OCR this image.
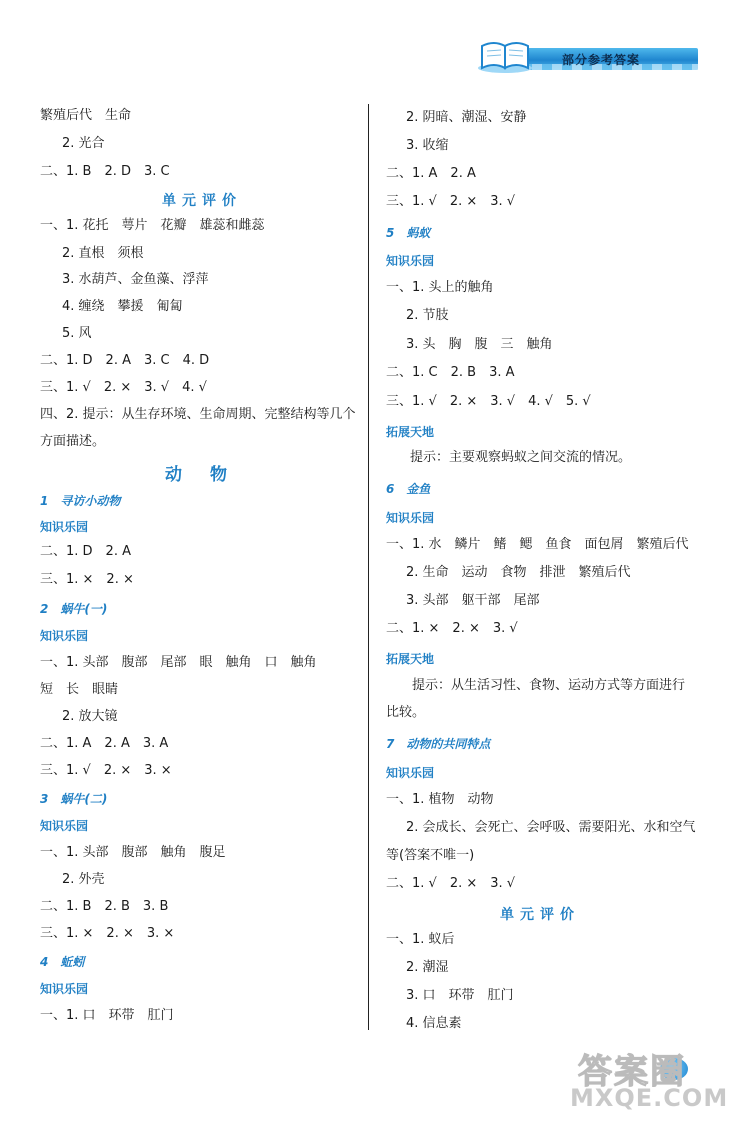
部分参考答案
繁殖后代　生命
2. 光合
二、1. B　2. D　3. C
单元评价
一、1. 花托　萼片　花瓣　雄蕊和雌蕊
2. 直根　须根
3. 水葫芦、金鱼藻、浮萍
4. 缠绕　攀援　匍匐
5. 风
二、1. D　2. A　3. C　4. D
三、1. √　2. ×　3. √　4. √
四、2. 提示：从生存环境、生命周期、完整结构等几个
方面描述。
动物
1　寻访小动物
知识乐园
二、1. D　2. A
三、1. ×　2. ×
2　蜗牛(一)
知识乐园
一、1. 头部　腹部　尾部　眼　触角　口　触角
短　长　眼睛
2. 放大镜
二、1. A　2. A　3. A
三、1. √　2. ×　3. ×
3　蜗牛(二)
知识乐园
一、1. 头部　腹部　触角　腹足
2. 外壳
二、1. B　2. B　3. B
三、1. ×　2. ×　3. ×
4　蚯蚓
知识乐园
一、1. 口　环带　肛门
2. 阴暗、潮湿、安静
3. 收缩
二、1. A　2. A
三、1. √　2. ×　3. √
5　蚂蚁
知识乐园
一、1. 头上的触角
2. 节肢
3. 头　胸　腹　三　触角
二、1. C　2. B　3. A
三、1. √　2. ×　3. √　4. √　5. √
拓展天地
提示：主要观察蚂蚁之间交流的情况。
6　金鱼
知识乐园
一、1. 水　鳞片　鳍　鳃　鱼食　面包屑　繁殖后代
2. 生命　运动　食物　排泄　繁殖后代
3. 头部　躯干部　尾部
二、1. ×　2. ×　3. √
拓展天地
提示：从生活习性、食物、运动方式等方面进行
比较。
7　动物的共同特点
知识乐园
一、1. 植物　动物
2. 会成长、会死亡、会呼吸、需要阳光、水和空气
等(答案不唯一)
二、1. √　2. ×　3. √
单元评价
一、1. 蚁后
2. 潮湿
3. 口　环带　肛门
4. 信息素
答案圈
MXQE.COM
